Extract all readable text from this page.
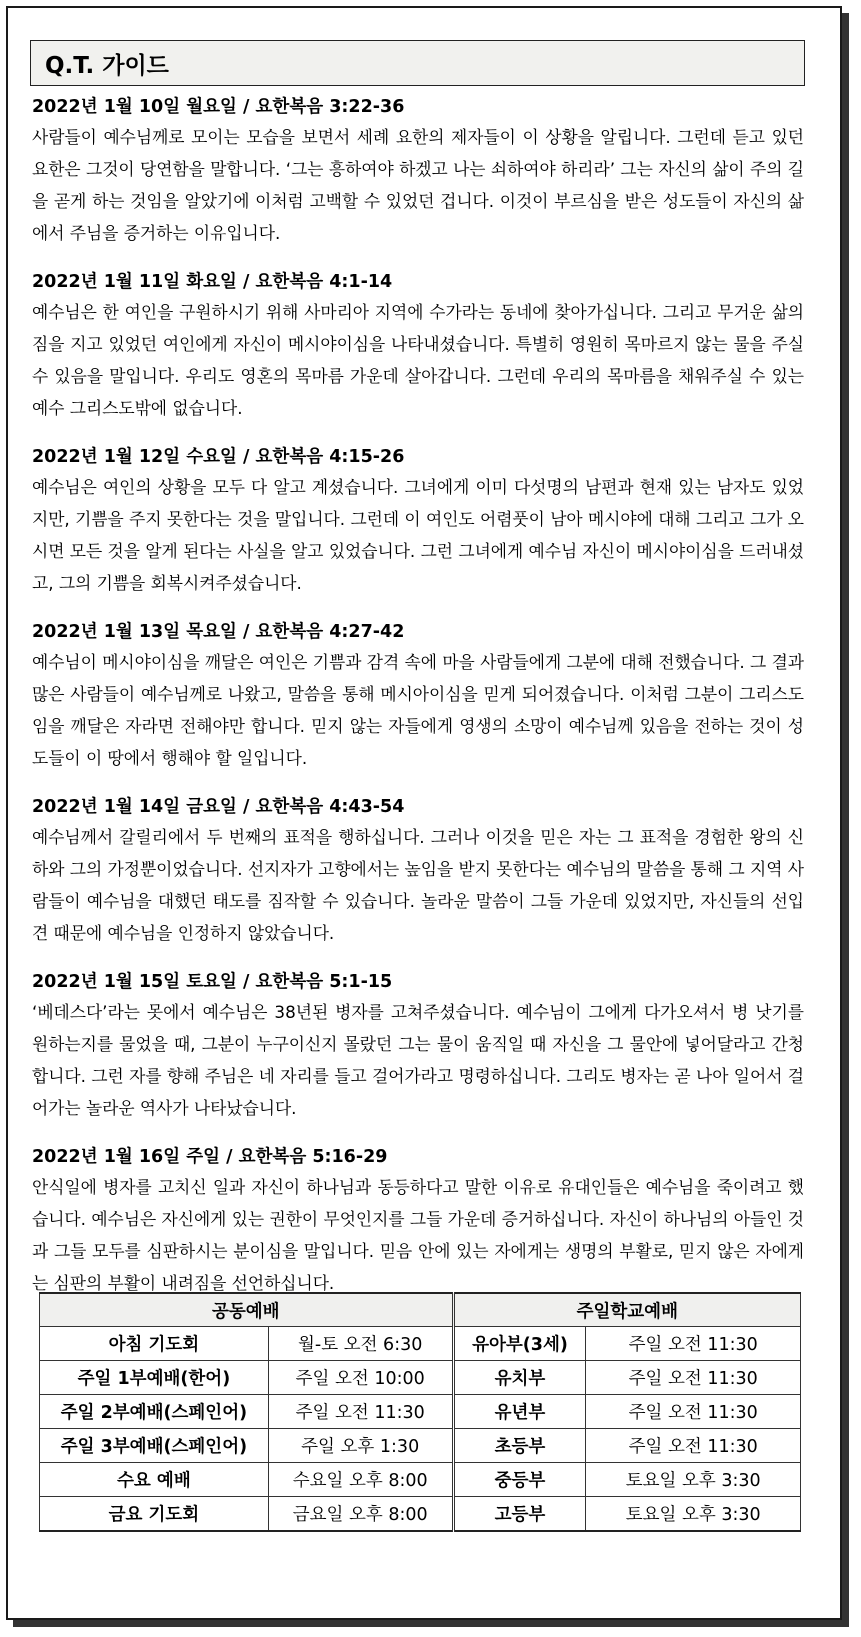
Q.T. 가이드
2022년 1월 10일 월요일 / 요한복음 3:22-36
사람들이 예수님께로 모이는 모습을 보면서 세례 요한의 제자들이 이 상황을 알립니다. 그런데 듣고 있던 요한은 그것이 당연함을 말합니다. ‘그는 흥하여야 하겠고 나는 쇠하여야 하리라’ 그는 자신의 삶이 주의 길을 곧게 하는 것임을 알았기에 이처럼 고백할 수 있었던 겁니다. 이것이 부르심을 받은 성도들이 자신의 삶에서 주님을 증거하는 이유입니다.
2022년 1월 11일 화요일 / 요한복음 4:1-14
예수님은 한 여인을 구원하시기 위해 사마리아 지역에 수가라는 동네에 찾아가십니다. 그리고 무거운 삶의 짐을 지고 있었던 여인에게 자신이 메시야이심을 나타내셨습니다. 특별히 영원히 목마르지 않는 물을 주실 수 있음을 말입니다. 우리도 영혼의 목마름 가운데 살아갑니다. 그런데 우리의 목마름을 채워주실 수 있는 예수 그리스도밖에 없습니다.
2022년 1월 12일 수요일 / 요한복음 4:15-26
예수님은 여인의 상황을 모두 다 알고 계셨습니다. 그녀에게 이미 다섯명의 남편과 현재 있는 남자도 있었지만, 기쁨을 주지 못한다는 것을 말입니다. 그런데 이 여인도 어렴풋이 남아 메시야에 대해 그리고 그가 오시면 모든 것을 알게 된다는 사실을 알고 있었습니다. 그런 그녀에게 예수님 자신이 메시야이심을 드러내셨고, 그의 기쁨을 회복시켜주셨습니다.
2022년 1월 13일 목요일 / 요한복음 4:27-42
예수님이 메시야이심을 깨달은 여인은 기쁨과 감격 속에 마을 사람들에게 그분에 대해 전했습니다. 그 결과 많은 사람들이 예수님께로 나왔고, 말씀을 통해 메시아이심을 믿게 되어졌습니다. 이처럼 그분이 그리스도임을 깨달은 자라면 전해야만 합니다. 믿지 않는 자들에게 영생의 소망이 예수님께 있음을 전하는 것이 성도들이 이 땅에서 행해야 할 일입니다.
2022년 1월 14일 금요일 / 요한복음 4:43-54
예수님께서 갈릴리에서 두 번째의 표적을 행하십니다. 그러나 이것을 믿은 자는 그 표적을 경험한 왕의 신하와 그의 가정뿐이었습니다. 선지자가 고향에서는 높임을 받지 못한다는 예수님의 말씀을 통해 그 지역 사람들이 예수님을 대했던 태도를 짐작할 수 있습니다. 놀라운 말씀이 그들 가운데 있었지만, 자신들의 선입견 때문에 예수님을 인정하지 않았습니다.
2022년 1월 15일 토요일 / 요한복음 5:1-15
‘베데스다’라는 못에서 예수님은 38년된 병자를 고쳐주셨습니다. 예수님이 그에게 다가오셔서 병 낫기를 원하는지를 물었을 때, 그분이 누구이신지 몰랐던 그는 물이 움직일 때 자신을 그 물안에 넣어달라고 간청합니다. 그런 자를 향해 주님은 네 자리를 들고 걸어가라고 명령하십니다. 그리도 병자는 곧 나아 일어서 걸어가는 놀라운 역사가 나타났습니다.
2022년 1월 16일 주일 / 요한복음 5:16-29
안식일에 병자를 고치신 일과 자신이 하나님과 동등하다고 말한 이유로 유대인들은 예수님을 죽이려고 했습니다. 예수님은 자신에게 있는 권한이 무엇인지를 그들 가운데 증거하십니다. 자신이 하나님의 아들인 것과 그들 모두를 심판하시는 분이심을 말입니다. 믿음 안에 있는 자에게는 생명의 부활로, 믿지 않은 자에게는 심판의 부활이 내려짐을 선언하십니다.
공동예배		주일학교예배	
아침 기도회	월-토 오전 6:30	유아부(3세)	주일 오전 11:30
주일 1부예배(한어)	주일 오전 10:00	유치부	주일 오전 11:30
주일 2부예배(스페인어)	주일 오전 11:30	유년부	주일 오전 11:30
주일 3부예배(스페인어)	주일 오후 1:30	초등부	주일 오전 11:30
수요 예배	수요일 오후 8:00	중등부	토요일 오후 3:30
금요 기도회	금요일 오후 8:00	고등부	토요일 오후 3:30
